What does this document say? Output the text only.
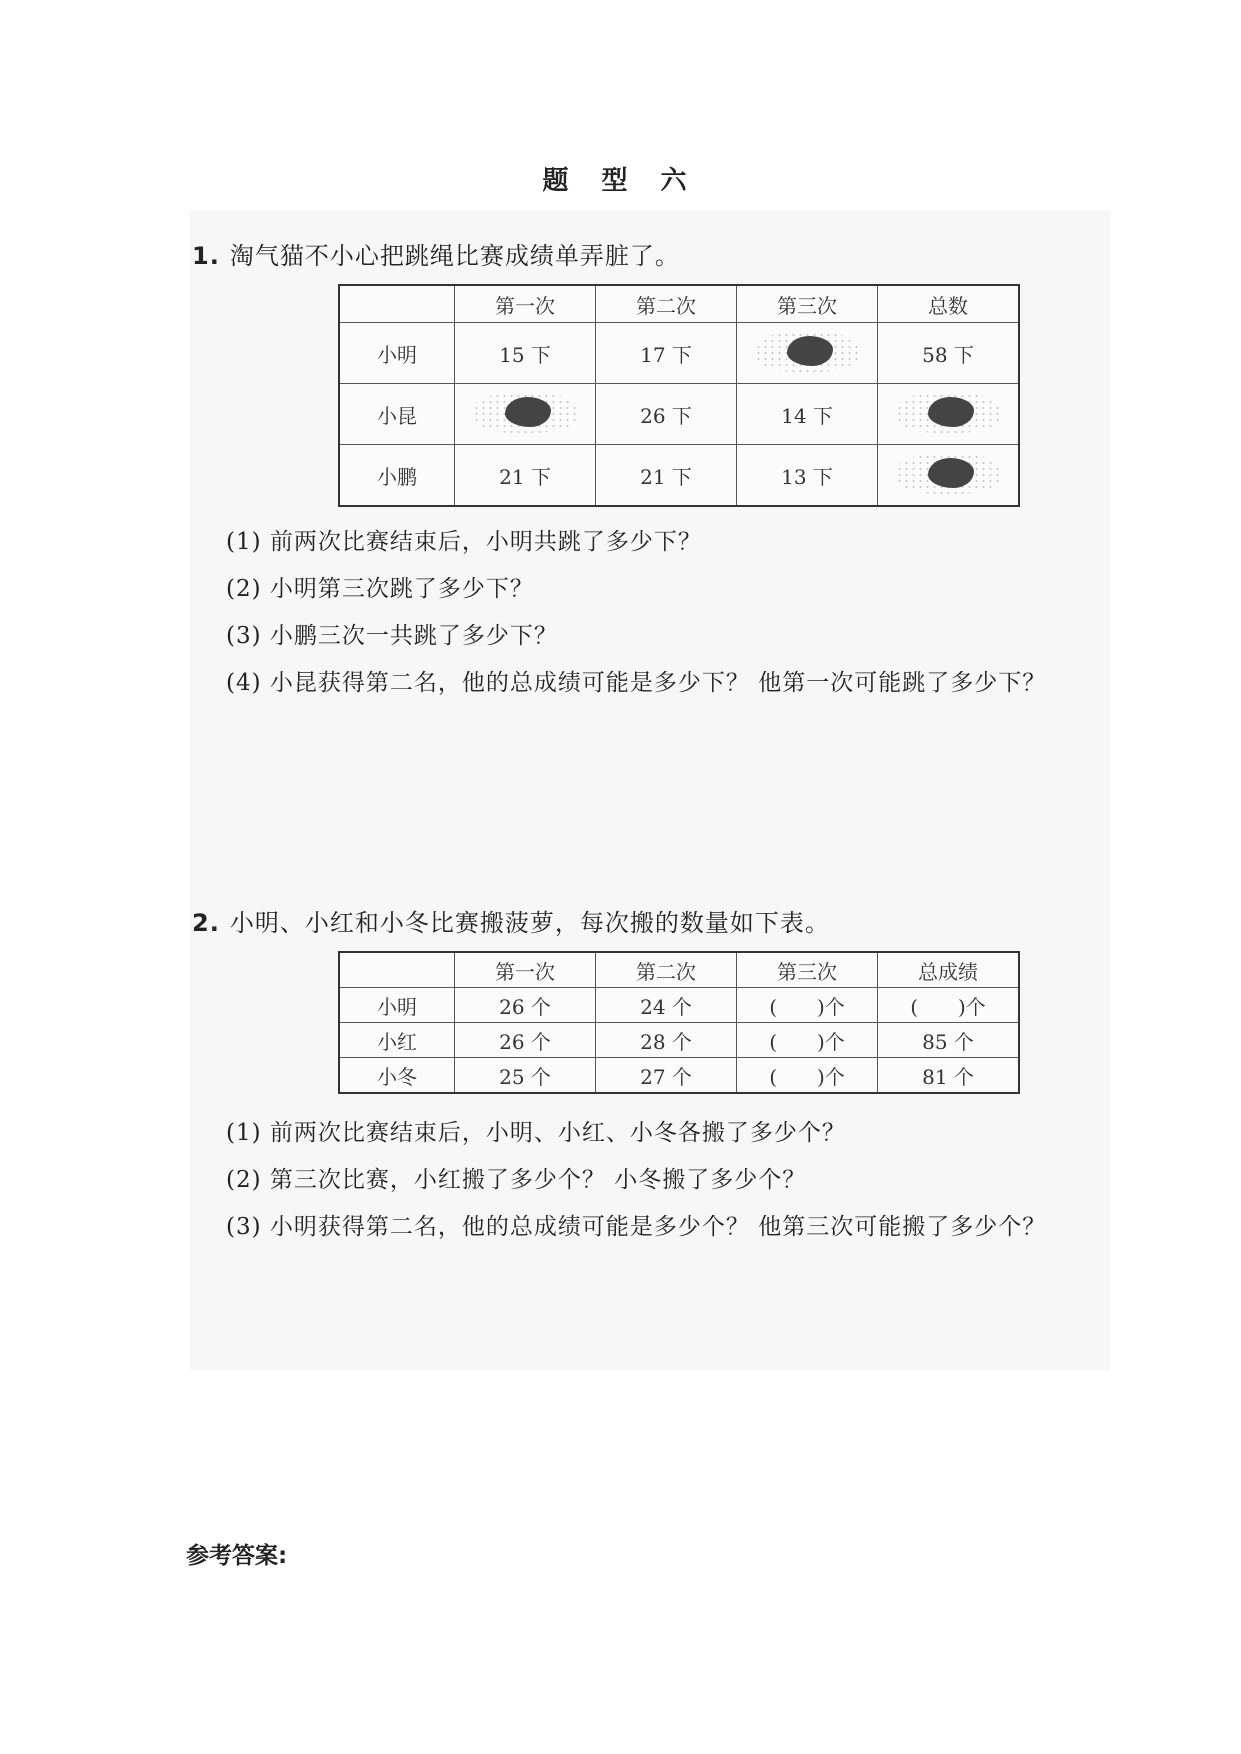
题 型 六
1. 淘气猫不小心把跳绳比赛成绩单弄脏了。
	第一次	第二次	第三次	总数
小明	15 下	17 下		58 下
小昆		26 下	14 下	

小鹏	21 下	21 下	13 下	
(1) 前两次比赛结束后，小明共跳了多少下？
(2) 小明第三次跳了多少下？
(3) 小鹏三次一共跳了多少下？
(4) 小昆获得第二名，他的总成绩可能是多少下？ 他第一次可能跳了多少下？
2. 小明、小红和小冬比赛搬菠萝，每次搬的数量如下表。
	第一次	第二次	第三次	总成绩
小明	26 个	24 个	(　　)个	(　　)个
小红	26 个	28 个	(　　)个	85 个
小冬	25 个	27 个	(　　)个	81 个
(1) 前两次比赛结束后，小明、小红、小冬各搬了多少个？
(2) 第三次比赛，小红搬了多少个？ 小冬搬了多少个？
(3) 小明获得第二名，他的总成绩可能是多少个？ 他第三次可能搬了多少个？
参考答案:
